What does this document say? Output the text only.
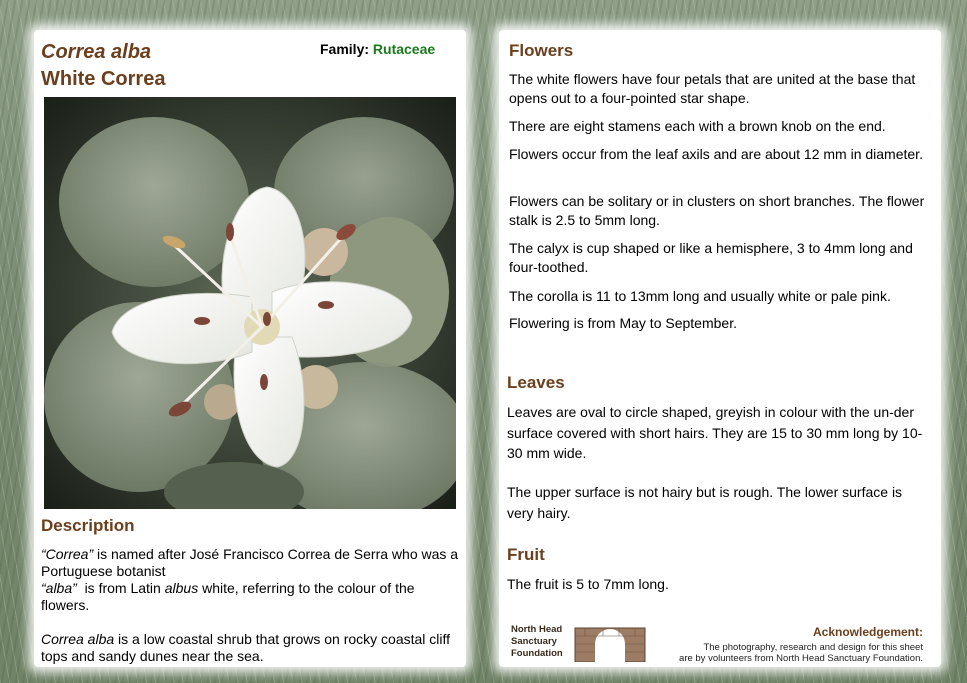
Correa alba
White Correa
Family: Rutaceae
Description
“Correa” is named after José Francisco Correa de Serra who was a Portuguese botanist
“alba”  is from Latin albus white, referring to the colour of the flowers.
Correa alba is a low coastal shrub that grows on rocky coastal cliff tops and sandy dunes near the sea.
Flowers

The white flowers have four petals that are united at the base that opens out to a four-pointed star shape.

There are eight stamens each with a brown knob on the end.

Flowers occur from the leaf axils and are about 12 mm in diameter.

Flowers can be solitary or in clusters on short branches. The flower stalk is 2.5 to 5mm long.

The calyx is cup shaped or like a hemisphere, 3 to 4mm long and four-toothed.

The corolla is 11 to 13mm long and usually white or pale pink.

Flowering is from May to September.

Leaves

Leaves are oval to circle shaped, greyish in colour with the un-der surface covered with short hairs. They are 15 to 30 mm long by 10-30 mm wide.

The upper surface is not hairy but is rough. The lower surface is very hairy.

Fruit

The fruit is 5 to 7mm long.

North Head
Sanctuary
Foundation
Acknowledgement:
The photography, research and design for this sheet
are by volunteers from North Head Sanctuary Foundation.
